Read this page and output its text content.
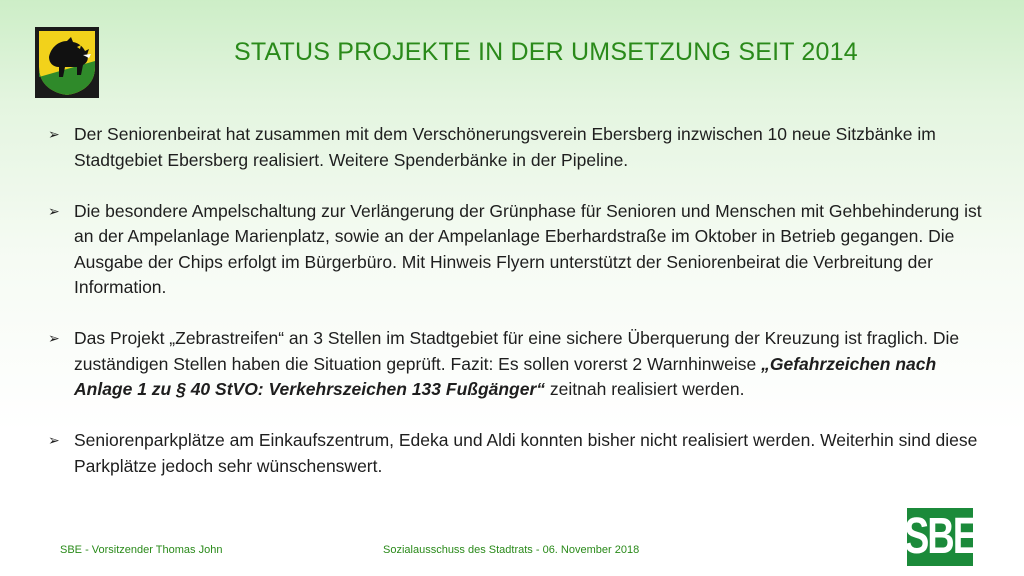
STATUS PROJEKTE IN DER UMSETZUNG SEIT 2014
➢ Der Seniorenbeirat hat zusammen mit dem Verschönerungsverein Ebersberg inzwischen 10 neue Sitzbänke im Stadtgebiet Ebersberg realisiert. Weitere Spenderbänke in der Pipeline.
➢ Die besondere Ampelschaltung zur Verlängerung der Grünphase für Senioren und Menschen mit Gehbehinderung ist an der Ampelanlage Marienplatz, sowie an der Ampelanlage Eberhardstraße im Oktober in Betrieb gegangen. Die Ausgabe der Chips erfolgt im Bürgerbüro. Mit Hinweis Flyern unterstützt der Seniorenbeirat die Verbreitung der Information.
➢ Das Projekt „Zebrastreifen“ an 3 Stellen im Stadtgebiet für eine sichere Überquerung der Kreuzung ist fraglich. Die zuständigen Stellen haben die Situation geprüft. Fazit: Es sollen vorerst 2 Warnhinweise „Gefahrzeichen nach Anlage 1 zu § 40 StVO: Verkehrszeichen 133 Fußgänger“ zeitnah realisiert werden.
➢ Seniorenparkplätze am Einkaufszentrum, Edeka und Aldi konnten bisher nicht realisiert werden. Weiterhin sind diese Parkplätze jedoch sehr wünschenswert.
SBE - Vorsitzender Thomas John	Sozialausschuss des Stadtrats - 06. November 2018	SBE
